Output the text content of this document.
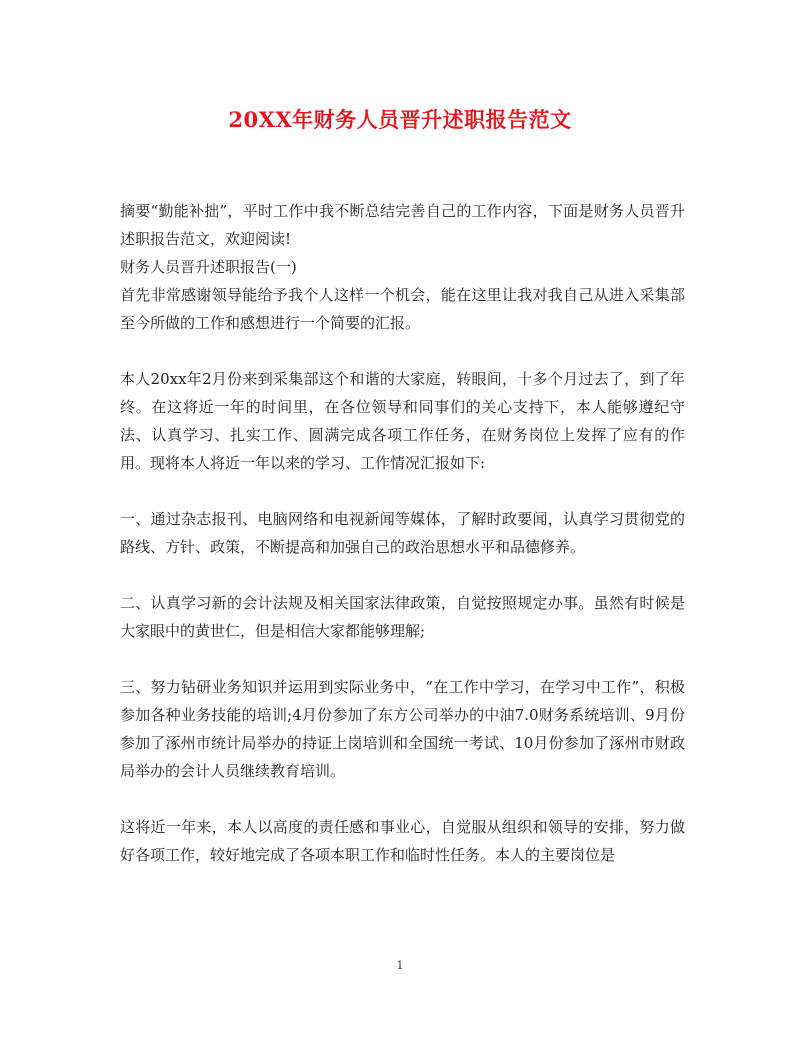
20XX年财务人员晋升述职报告范文

摘要“勤能补拙”，平时工作中我不断总结完善自己的工作内容，下面是财务人员晋升述职报告范文，欢迎阅读!

财务人员晋升述职报告(一)

首先非常感谢领导能给予我个人这样一个机会，能在这里让我对我自己从进入采集部至今所做的工作和感想进行一个简要的汇报。

本人20xx年2月份来到采集部这个和谐的大家庭，转眼间，十多个月过去了，到了年终。在这将近一年的时间里，在各位领导和同事们的关心支持下，本人能够遵纪守法、认真学习、扎实工作、圆满完成各项工作任务，在财务岗位上发挥了应有的作用。现将本人将近一年以来的学习、工作情况汇报如下:

一、通过杂志报刊、电脑网络和电视新闻等媒体，了解时政要闻，认真学习贯彻党的路线、方针、政策，不断提高和加强自己的政治思想水平和品德修养。

二、认真学习新的会计法规及相关国家法律政策，自觉按照规定办事。虽然有时候是大家眼中的黄世仁，但是相信大家都能够理解;

三、努力钻研业务知识并运用到实际业务中，“在工作中学习，在学习中工作”，积极参加各种业务技能的培训;4月份参加了东方公司举办的中油7.0财务系统培训、9月份参加了涿州市统计局举办的持证上岗培训和全国统一考试、10月份参加了涿州市财政局举办的会计人员继续教育培训。

这将近一年来，本人以高度的责任感和事业心，自觉服从组织和领导的安排，努力做好各项工作，较好地完成了各项本职工作和临时性任务。本人的主要岗位是

1
